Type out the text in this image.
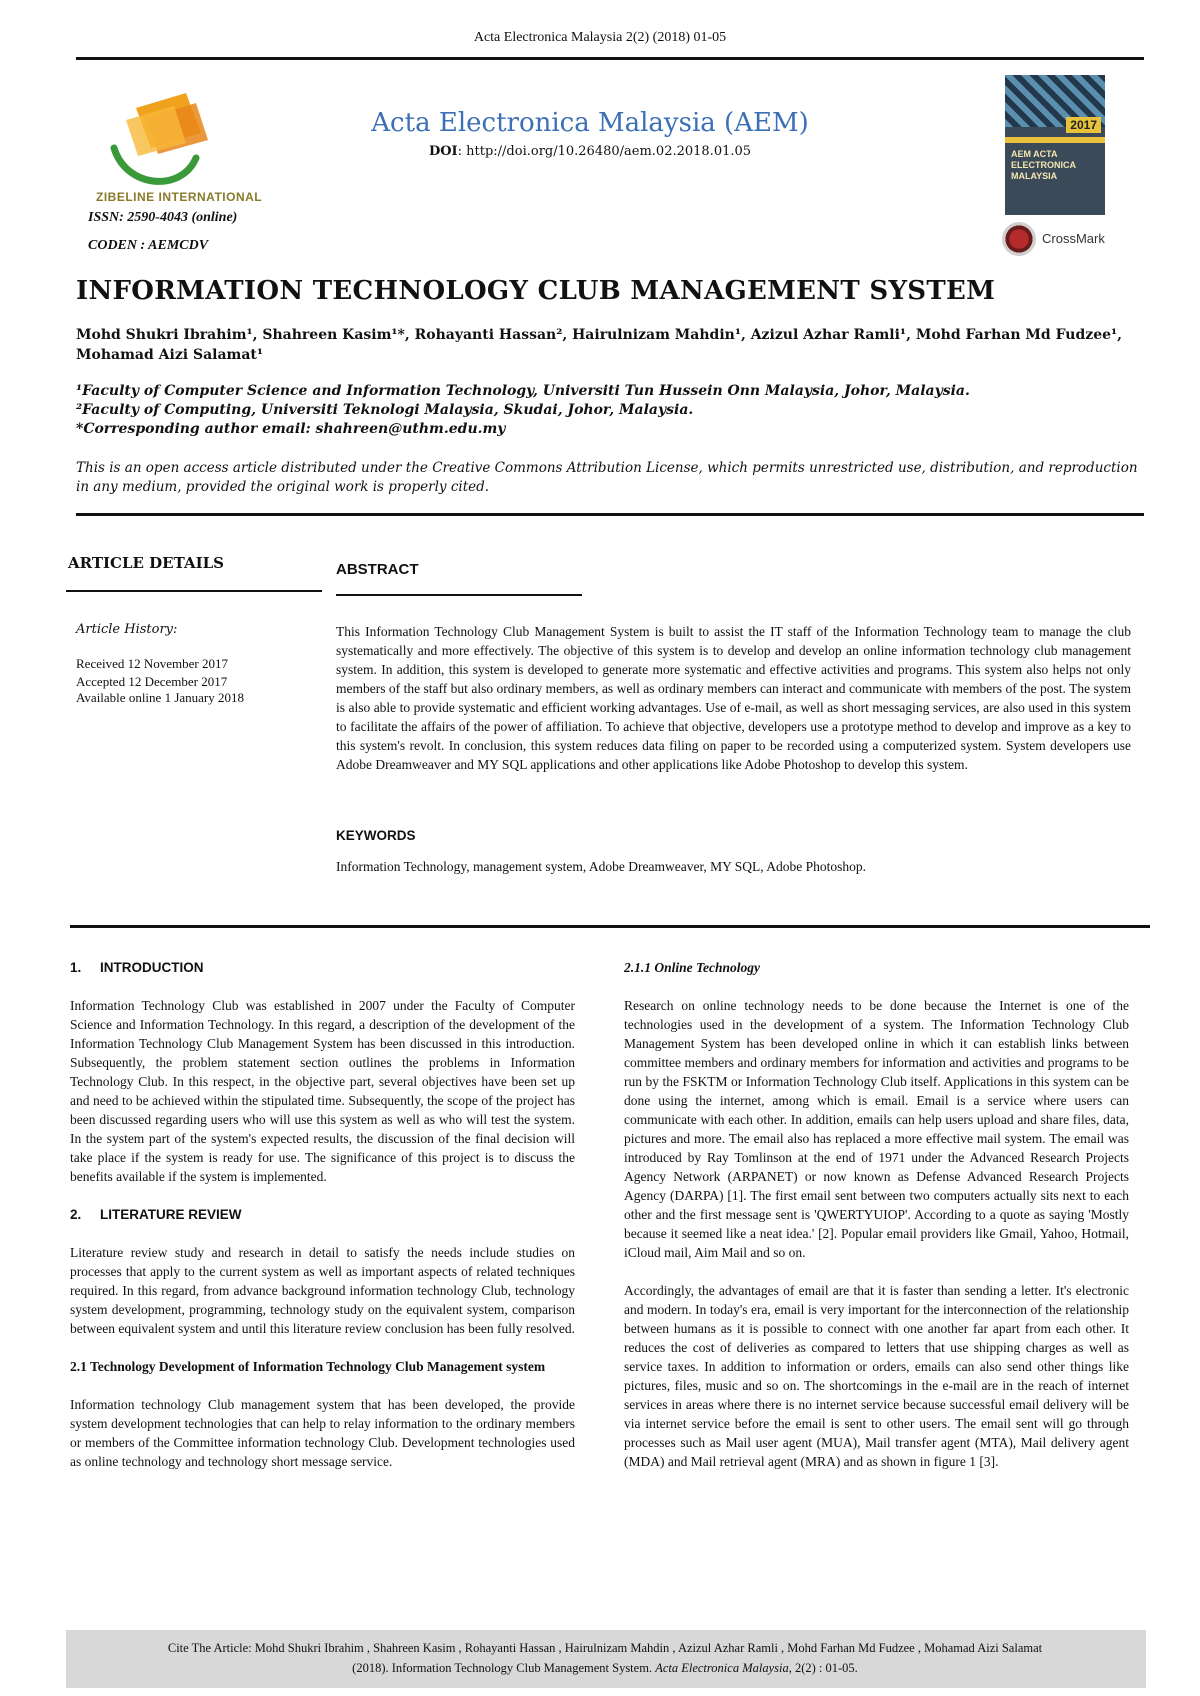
Acta Electronica Malaysia 2(2) (2018) 01-05
ZIBELINE INTERNATIONAL
ISSN: 2590-4043 (online)
CODEN : AEMCDV
Acta Electronica Malaysia (AEM)
DOI: http://doi.org/10.26480/aem.02.2018.01.05
2017
AEM ACTA ELECTRONICA MALAYSIA
CrossMark
INFORMATION TECHNOLOGY CLUB MANAGEMENT SYSTEM
Mohd Shukri Ibrahim¹, Shahreen Kasim¹*, Rohayanti Hassan², Hairulnizam Mahdin¹, Azizul Azhar Ramli¹, Mohd Farhan Md Fudzee¹, Mohamad Aizi Salamat¹
¹Faculty of Computer Science and Information Technology, Universiti Tun Hussein Onn Malaysia, Johor, Malaysia.
²Faculty of Computing, Universiti Teknologi Malaysia, Skudai, Johor, Malaysia.
*Corresponding author email: shahreen@uthm.edu.my
This is an open access article distributed under the Creative Commons Attribution License, which permits unrestricted use, distribution, and reproduction in any medium, provided the original work is properly cited.
ARTICLE DETAILS	ABSTRACT
Article History:
Received 12 November 2017
Accepted 12 December 2017
Available online 1 January 2018
This Information Technology Club Management System is built to assist the IT staff of the Information Technology team to manage the club systematically and more effectively. The objective of this system is to develop and develop an online information technology club management system. In addition, this system is developed to generate more systematic and effective activities and programs. This system also helps not only members of the staff but also ordinary members, as well as ordinary members can interact and communicate with members of the post. The system is also able to provide systematic and efficient working advantages. Use of e-mail, as well as short messaging services, are also used in this system to facilitate the affairs of the power of affiliation. To achieve that objective, developers use a prototype method to develop and improve as a key to this system's revolt. In conclusion, this system reduces data filing on paper to be recorded using a computerized system. System developers use Adobe Dreamweaver and MY SQL applications and other applications like Adobe Photoshop to develop this system.
KEYWORDS
Information Technology, management system, Adobe Dreamweaver, MY SQL, Adobe Photoshop.
1.     INTRODUCTION

Information Technology Club was established in 2007 under the Faculty of Computer Science and Information Technology. In this regard, a description of the development of the Information Technology Club Management System has been discussed in this introduction. Subsequently, the problem statement section outlines the problems in Information Technology Club. In this respect, in the objective part, several objectives have been set up and need to be achieved within the stipulated time. Subsequently, the scope of the project has been discussed regarding users who will use this system as well as who will test the system. In the system part of the system's expected results, the discussion of the final decision will take place if the system is ready for use. The significance of this project is to discuss the benefits available if the system is implemented.

2.     LITERATURE REVIEW

Literature review study and research in detail to satisfy the needs include studies on processes that apply to the current system as well as important aspects of related techniques required. In this regard, from advance background information technology Club, technology system development, programming, technology study on the equivalent system, comparison between equivalent system and until this literature review conclusion has been fully resolved.

2.1 Technology Development of Information Technology Club Management system

Information technology Club management system that has been developed, the provide system development technologies that can help to relay information to the ordinary members or members of the Committee information technology Club. Development technologies used as online technology and technology short message service.

2.1.1 Online Technology

Research on online technology needs to be done because the Internet is one of the technologies used in the development of a system. The Information Technology Club Management System has been developed online in which it can establish links between committee members and ordinary members for information and activities and programs to be run by the FSKTM or Information Technology Club itself. Applications in this system can be done using the internet, among which is email. Email is a service where users can communicate with each other. In addition, emails can help users upload and share files, data, pictures and more. The email also has replaced a more effective mail system. The email was introduced by Ray Tomlinson at the end of 1971 under the Advanced Research Projects Agency Network (ARPANET) or now known as Defense Advanced Research Projects Agency (DARPA) [1]. The first email sent between two computers actually sits next to each other and the first message sent is 'QWERTYUIOP'. According to a quote as saying 'Mostly because it seemed like a neat idea.' [2]. Popular email providers like Gmail, Yahoo, Hotmail, iCloud mail, Aim Mail and so on.

Accordingly, the advantages of email are that it is faster than sending a letter. It's electronic and modern. In today's era, email is very important for the interconnection of the relationship between humans as it is possible to connect with one another far apart from each other. It reduces the cost of deliveries as compared to letters that use shipping charges as well as service taxes. In addition to information or orders, emails can also send other things like pictures, files, music and so on. The shortcomings in the e-mail are in the reach of internet services in areas where there is no internet service because successful email delivery will be via internet service before the email is sent to other users. The email sent will go through processes such as Mail user agent (MUA), Mail transfer agent (MTA), Mail delivery agent (MDA) and Mail retrieval agent (MRA) and as shown in figure 1 [3].

Cite The Article: Mohd Shukri Ibrahim , Shahreen Kasim , Rohayanti Hassan , Hairulnizam Mahdin , Azizul Azhar Ramli , Mohd Farhan Md Fudzee , Mohamad Aizi Salamat
(2018). Information Technology Club Management System. Acta Electronica Malaysia, 2(2) : 01-05.
